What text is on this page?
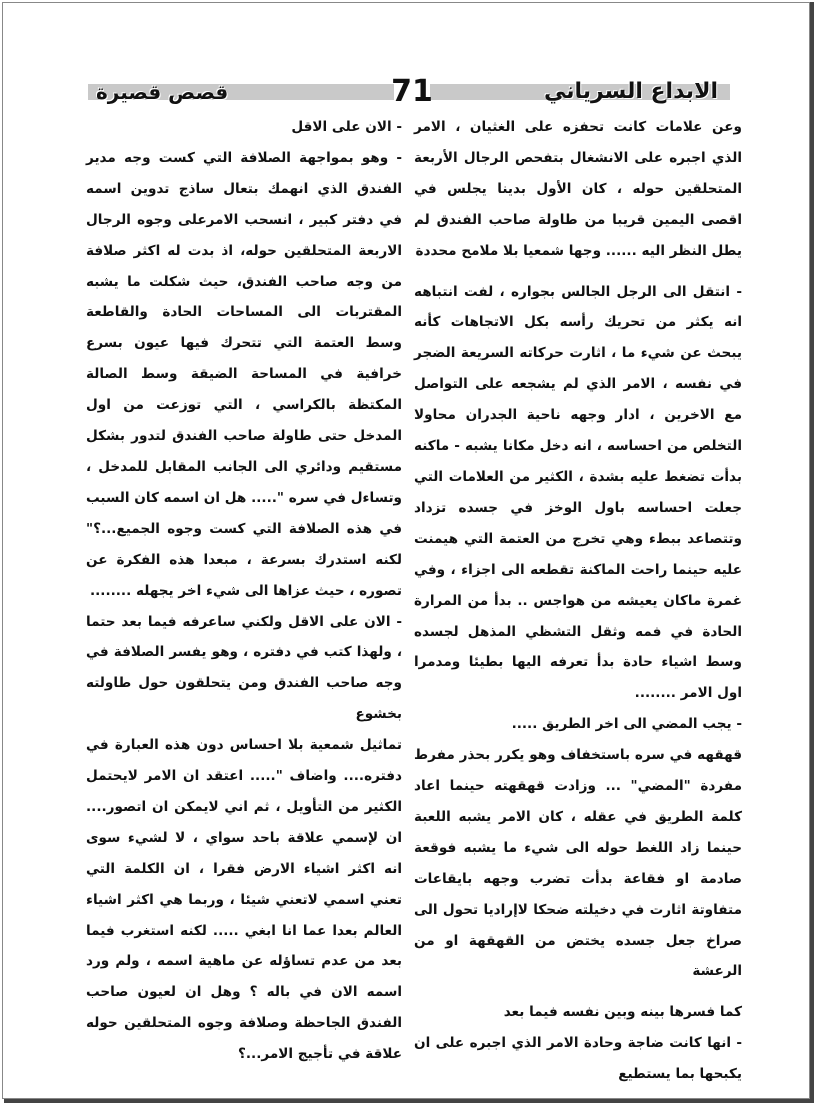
قصص قصيرة	71	الابداع السرياني

وعن علامات كانت تحفزه على الغثيان ، الامر الذي اجبره على الانشغال بتفحص الرجال الأربعة المتحلقين حوله ، كان الأول بدينا يجلس في اقصى اليمين قريبا من طاولة صاحب الفندق لم يطل النظر اليه ...... وجها شمعيا بلا ملامح محددة

- انتقل الى الرجل الجالس بجواره ، لفت انتباهه انه يكثر من تحريك رأسه بكل الاتجاهات كأنه يبحث عن شيء ما ، اثارت حركاته السريعة الضجر في نفسه ، الامر الذي لم يشجعه على التواصل مع الاخرين ، ادار وجهه ناحية الجدران محاولا التخلص من احساسه ، انه دخل مكانا يشبه - ماكنه بدأت تضغط عليه بشدة ، الكثير من العلامات التي جعلت احساسه باول الوخز في جسده تزداد وتتصاعد ببطء وهي تخرج من العتمة التي هيمنت عليه حينما راحت الماكنة تقطعه الى اجزاء ، وفي غمرة ماكان يعيشه من هواجس .. بدأ من المرارة الحادة في فمه وثقل التشظي المذهل لجسده وسط اشياء حادة بدأ تعرفه اليها بطيئا ومدمرا اول الامر ........

- يجب المضي الى اخر الطريق .....

قهقهه في سره باستخفاف وهو يكرر بحذر مفرط مفردة "المضي" ... وزادت قهقهته حينما اعاد كلمة الطريق في عقله ، كان الامر يشبه اللعبة حينما زاد اللغط حوله الى شيء ما يشبه فوقعة صادمة او فقاعة بدأت تضرب وجهه بايقاعات متفاوتة اثارت في دخيلته ضحكا لاإراديا تحول الى صراخ جعل جسده يختض من القهقهة او من الرعشة

كما فسرها بينه وبين نفسه فيما بعد

- انها كانت ضاجة وحادة الامر الذي اجبره على ان يكبحها بما يستطيع

- الان على الاقل

- وهو بمواجهة الصلافة التي كست وجه مدير الفندق الذي انهمك بتعال ساذج تدوين اسمه في دفتر كبير ، انسحب الامرعلى وجوه الرجال الاربعة المتحلقين حوله، اذ بدت له اكثر صلافة من وجه صاحب الفندق، حيث شكلت ما يشبه المقتربات الى المساحات الحادة والقاطعة وسط العتمة التي تتحرك فيها عيون بسرع خرافية في المساحة الضيقة وسط الصالة المكتظة بالكراسي ، التي توزعت من اول المدخل حتى طاولة صاحب الفندق لتدور بشكل مستقيم ودائري الى الجانب المقابل للمدخل ، وتساءل في سره "..... هل ان اسمه كان السبب في هذه الصلافة التي كست وجوه الجميع...؟" لكنه استدرك بسرعة ، مبعدا هذه الفكرة عن تصوره ، حيث عزاها الى شيء اخر يجهله ........

- الان على الاقل ولكني ساعرفه فيما بعد حتما ، ولهذا كتب في دفتره ، وهو يفسر الصلافة في وجه صاحب الفندق ومن يتحلقون حول طاولته بخشوع

تماثيل شمعية بلا احساس دون هذه العبارة في دفتره.... واضاف "..... اعتقد ان الامر لايحتمل الكثير من التأويل ، ثم اني لايمكن ان اتصور.... ان لإسمي علاقة باحد سواي ، لا لشيء سوى انه اكثر اشياء الارض فقرا ، ان الكلمة التي تعني اسمي لاتعني شيئا ، وربما هي اكثر اشياء العالم بعدا عما انا ابغي ..... لكنه استغرب فيما بعد من عدم تساؤله عن ماهية اسمه ، ولم ورد اسمه الان في باله ؟ وهل ان لعيون صاحب الفندق الجاحظة وصلافة وجوه المتحلقين حوله علاقة في تأجيج الامر...؟
